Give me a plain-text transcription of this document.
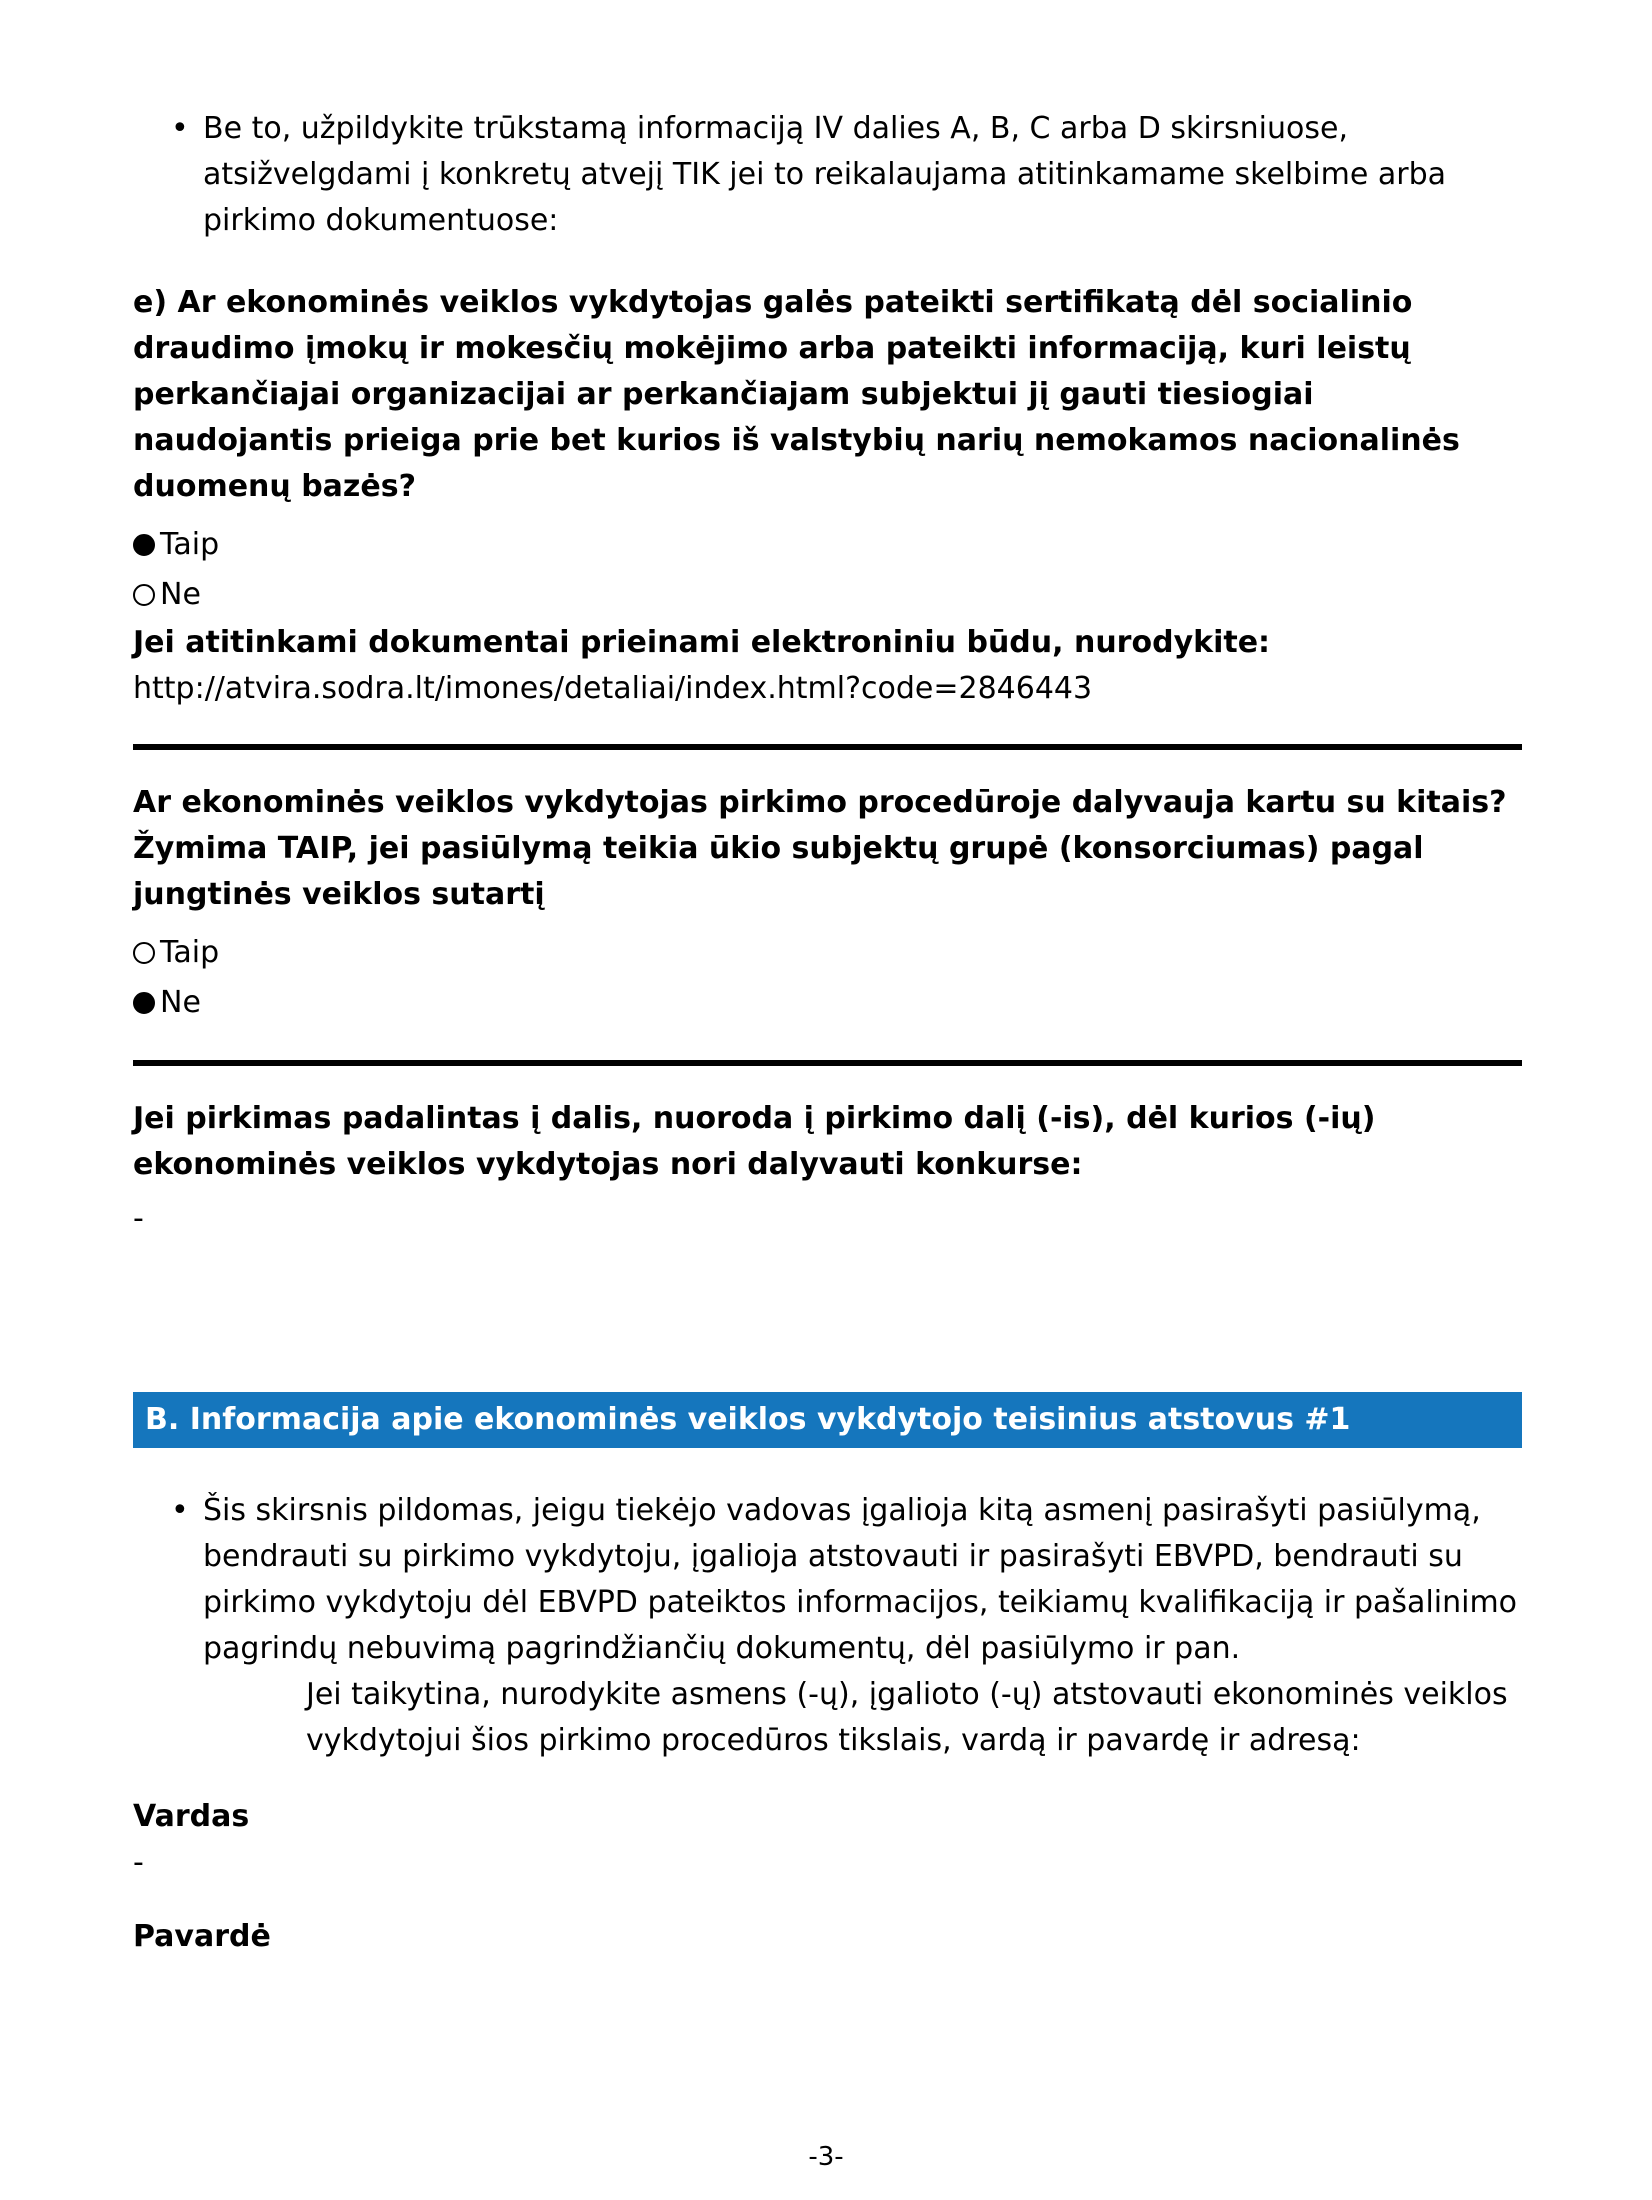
• Be to, užpildykite trūkstamą informaciją IV dalies A, B, C arba D skirsniuose, atsižvelgdami į konkretų atvejį TIK jei to reikalaujama atitinkamame skelbime arba pirkimo dokumentuose:
e) Ar ekonominės veiklos vykdytojas galės pateikti sertifikatą dėl socialinio draudimo įmokų ir mokesčių mokėjimo arba pateikti informaciją, kuri leistų perkančiajai organizacijai ar perkančiajam subjektui jį gauti tiesiogiai naudojantis prieiga prie bet kurios iš valstybių narių nemokamos nacionalinės duomenų bazės?
Taip
Ne
Jei atitinkami dokumentai prieinami elektroniniu būdu, nurodykite:
http://atvira.sodra.lt/imones/detaliai/index.html?code=2846443
Ar ekonominės veiklos vykdytojas pirkimo procedūroje dalyvauja kartu su kitais? Žymima TAIP, jei pasiūlymą teikia ūkio subjektų grupė (konsorciumas) pagal jungtinės veiklos sutartį
Taip
Ne
Jei pirkimas padalintas į dalis, nuoroda į pirkimo dalį (-is), dėl kurios (-ių) ekonominės veiklos vykdytojas nori dalyvauti konkurse:
-
B. Informacija apie ekonominės veiklos vykdytojo teisinius atstovus #1
• Šis skirsnis pildomas, jeigu tiekėjo vadovas įgalioja kitą asmenį pasirašyti pasiūlymą, bendrauti su pirkimo vykdytoju, įgalioja atstovauti ir pasirašyti EBVPD, bendrauti su pirkimo vykdytoju dėl EBVPD pateiktos informacijos, teikiamų kvalifikaciją ir pašalinimo pagrindų nebuvimą pagrindžiančių dokumentų, dėl pasiūlymo ir pan.
Jei taikytina, nurodykite asmens (-ų), įgalioto (-ų) atstovauti ekonominės veiklos vykdytojui šios pirkimo procedūros tikslais, vardą ir pavardę ir adresą:
Vardas
-
Pavardė
-3-
